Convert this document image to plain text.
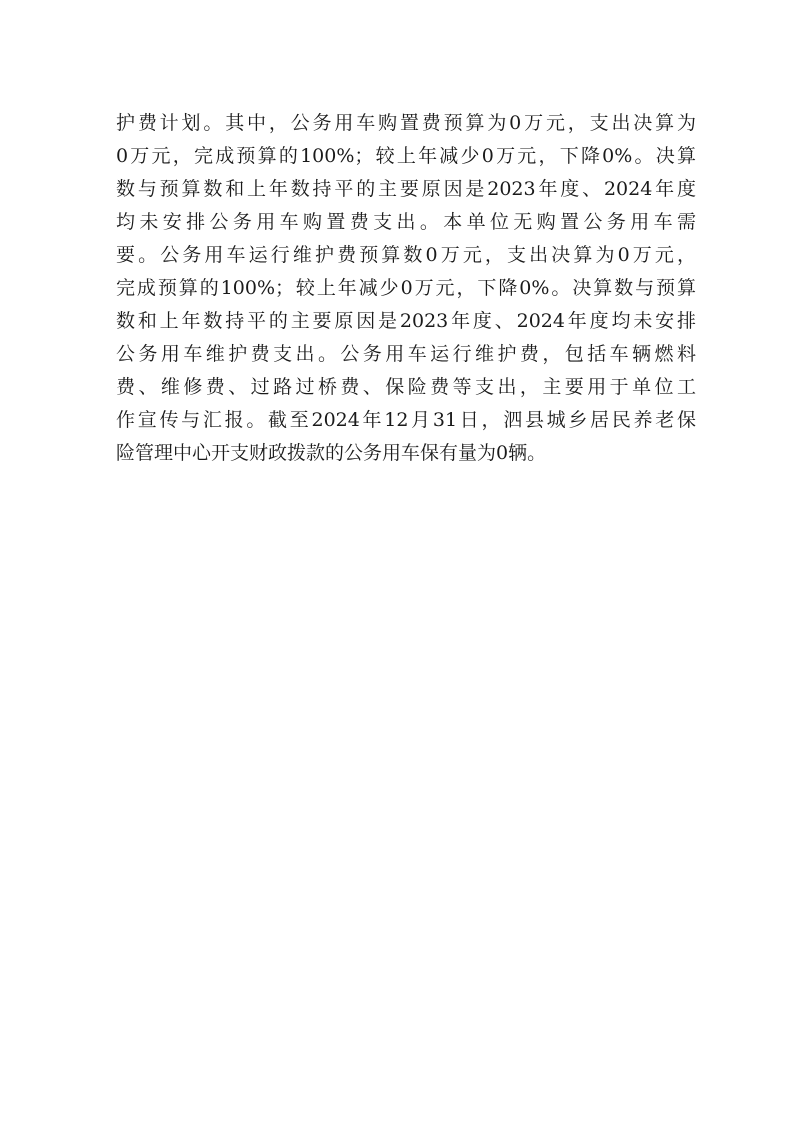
护费计划。其中，公务用车购置费预算为0万元，支出决算为
0万元，完成预算的100%；较上年减少0万元，下降0%。决算
数与预算数和上年数持平的主要原因是2023年度、2024年度
均未安排公务用车购置费支出。本单位无购置公务用车需
要。公务用车运行维护费预算数0万元，支出决算为0万元，
完成预算的100%；较上年减少0万元，下降0%。决算数与预算
数和上年数持平的主要原因是2023年度、2024年度均未安排
公务用车维护费支出。公务用车运行维护费，包括车辆燃料
费、维修费、过路过桥费、保险费等支出，主要用于单位工
作宣传与汇报。截至2024年12月31日，泗县城乡居民养老保
险管理中心开支财政拨款的公务用车保有量为0辆。
